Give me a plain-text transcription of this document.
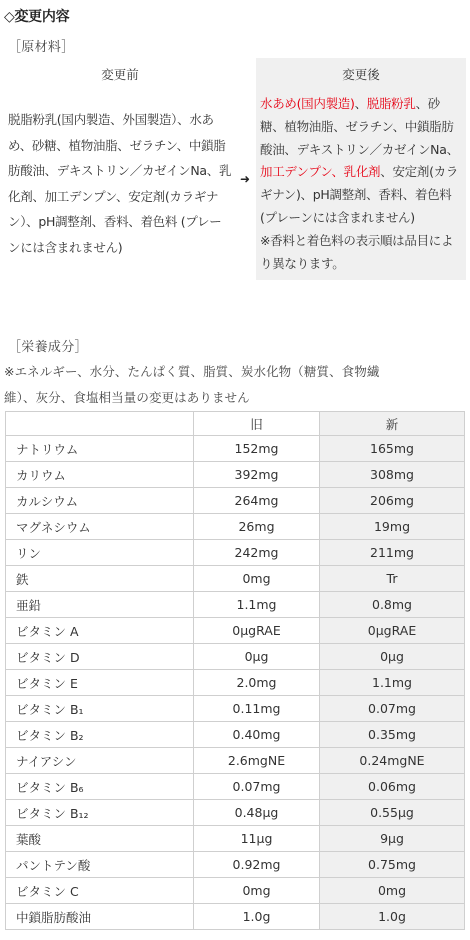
◇変更内容
［原材料］
変更前
脱脂粉乳(国内製造、外国製造）、水あめ、砂糖、植物油脂、ゼラチン、中鎖脂肪酸油、デキストリン／カゼインNa、乳化剤、加工デンプン、安定剤(カラギナン）、pH調整剤、香料、着色料 (プレーンには含まれません)
➜
変更後
水あめ(国内製造)、脱脂粉乳、砂糖、植物油脂、ゼラチン、中鎖脂肪酸油、デキストリン／カゼインNa、加工デンプン、乳化剤、安定剤(カラギナン)、pH調整剤、香料、着色料 (プレーンには含まれません)
※香料と着色料の表示順は品目により異なります。
［栄養成分］
※エネルギー、水分、たんぱく質、脂質、炭水化物（糖質、食物繊
維）、灰分、食塩相当量の変更はありません
	旧	新
ナトリウム	152mg	165mg
カリウム	392mg	308mg
カルシウム	264mg	206mg
マグネシウム	26mg	19mg
リン	242mg	211mg
鉄	0mg	Tr
亜鉛	1.1mg	0.8mg
ビタミン A	0μgRAE	0μgRAE
ビタミン D	0μg	0μg
ビタミン E	2.0mg	1.1mg
ビタミン B₁	0.11mg	0.07mg
ビタミン B₂	0.40mg	0.35mg
ナイアシン	2.6mgNE	0.24mgNE
ビタミン B₆	0.07mg	0.06mg
ビタミン B₁₂	0.48μg	0.55μg
葉酸	11μg	9μg
パントテン酸	0.92mg	0.75mg
ビタミン C	0mg	0mg
中鎖脂肪酸油	1.0g	1.0g
